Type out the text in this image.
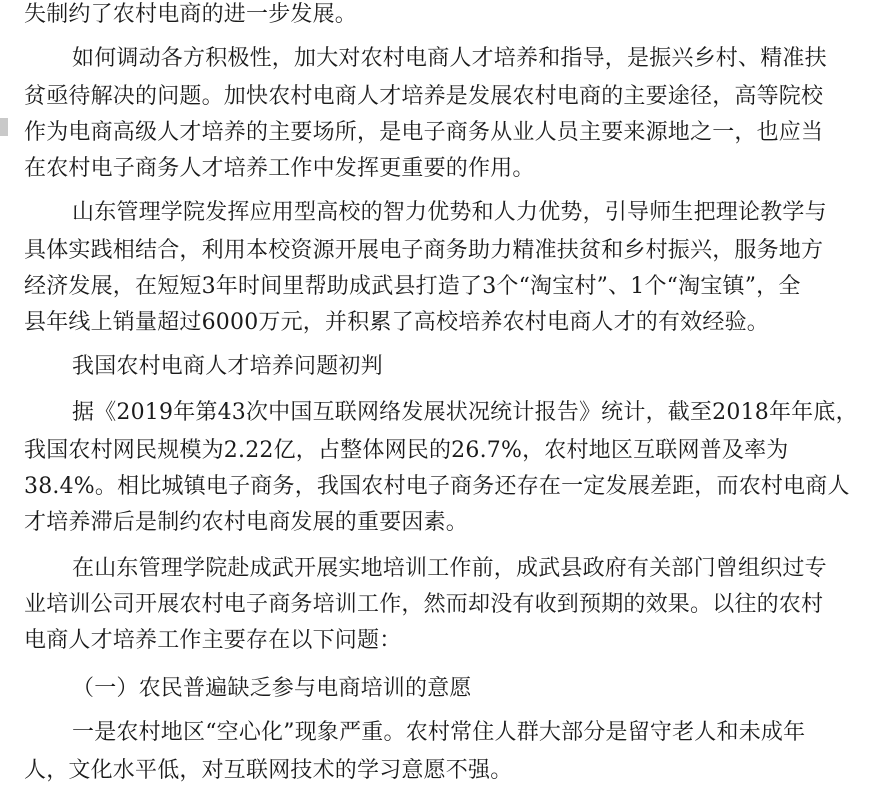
失制约了农村电商的进一步发展。
如何调动各方积极性，加大对农村电商人才培养和指导，是振兴乡村、精准扶
贫亟待解决的问题。加快农村电商人才培养是发展农村电商的主要途径，高等院校
作为电商高级人才培养的主要场所，是电子商务从业人员主要来源地之一，也应当
在农村电子商务人才培养工作中发挥更重要的作用。
山东管理学院发挥应用型高校的智力优势和人力优势，引导师生把理论教学与
具体实践相结合，利用本校资源开展电子商务助力精准扶贫和乡村振兴，服务地方
经济发展，在短短3年时间里帮助成武县打造了3个“淘宝村”、1个“淘宝镇”，全
县年线上销量超过6000万元，并积累了高校培养农村电商人才的有效经验。
我国农村电商人才培养问题初判
据《2019年第43次中国互联网络发展状况统计报告》统计，截至2018年年底，
我国农村网民规模为2.22亿，占整体网民的26.7%，农村地区互联网普及率为
38.4%。相比城镇电子商务，我国农村电子商务还存在一定发展差距，而农村电商人
才培养滞后是制约农村电商发展的重要因素。
在山东管理学院赴成武开展实地培训工作前，成武县政府有关部门曾组织过专
业培训公司开展农村电子商务培训工作，然而却没有收到预期的效果。以往的农村
电商人才培养工作主要存在以下问题：
（一）农民普遍缺乏参与电商培训的意愿
一是农村地区“空心化”现象严重。农村常住人群大部分是留守老人和未成年
人，文化水平低，对互联网技术的学习意愿不强。
